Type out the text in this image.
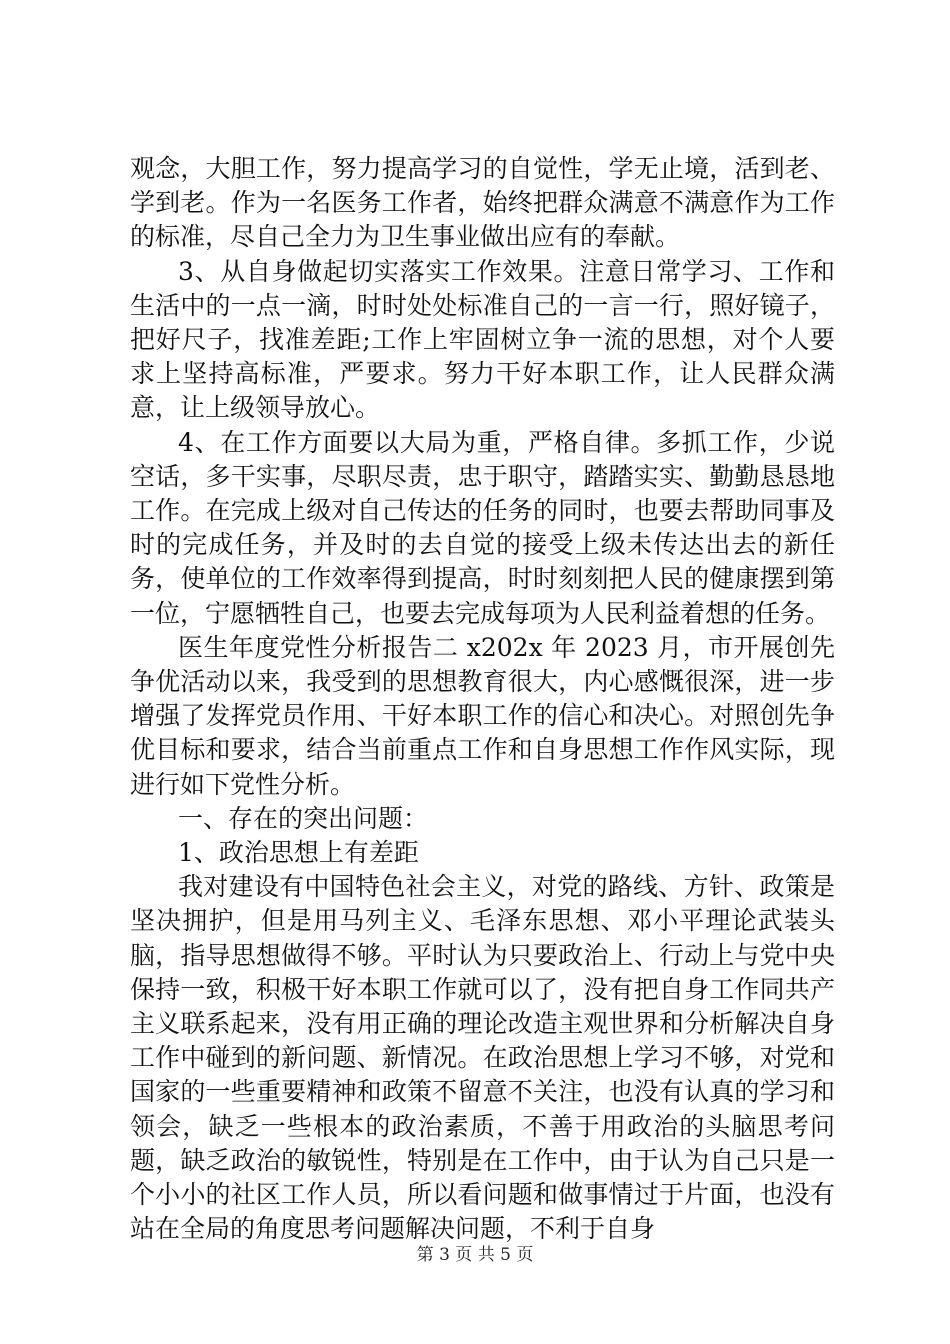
观念，大胆工作，努力提高学习的自觉性，学无止境，活到老、学到老。作为一名医务工作者，始终把群众满意不满意作为工作的标准，尽自己全力为卫生事业做出应有的奉献。

3、从自身做起切实落实工作效果。注意日常学习、工作和生活中的一点一滴，时时处处标准自己的一言一行，照好镜子，把好尺子，找准差距;工作上牢固树立争一流的思想，对个人要求上坚持高标准，严要求。努力干好本职工作，让人民群众满意，让上级领导放心。

4、在工作方面要以大局为重，严格自律。多抓工作，少说空话，多干实事，尽职尽责，忠于职守，踏踏实实、勤勤恳恳地工作。在完成上级对自己传达的任务的同时，也要去帮助同事及时的完成任务，并及时的去自觉的接受上级未传达出去的新任务，使单位的工作效率得到提高，时时刻刻把人民的健康摆到第一位，宁愿牺牲自己，也要去完成每项为人民利益着想的任务。

医生年度党性分析报告二 x202x 年 2023 月，市开展创先争优活动以来，我受到的思想教育很大，内心感慨很深，进一步增强了发挥党员作用、干好本职工作的信心和决心。对照创先争优目标和要求，结合当前重点工作和自身思想工作作风实际，现进行如下党性分析。

一、存在的突出问题：

1、政治思想上有差距

我对建设有中国特色社会主义，对党的路线、方针、政策是坚决拥护，但是用马列主义、毛泽东思想、邓小平理论武装头脑，指导思想做得不够。平时认为只要政治上、行动上与党中央保持一致，积极干好本职工作就可以了，没有把自身工作同共产主义联系起来，没有用正确的理论改造主观世界和分析解决自身工作中碰到的新问题、新情况。在政治思想上学习不够，对党和国家的一些重要精神和政策不留意不关注，也没有认真的学习和领会，缺乏一些根本的政治素质，不善于用政治的头脑思考问题，缺乏政治的敏锐性，特别是在工作中，由于认为自己只是一个小小的社区工作人员，所以看问题和做事情过于片面，也没有站在全局的角度思考问题解决问题，不利于自身

第 3 页 共 5 页
